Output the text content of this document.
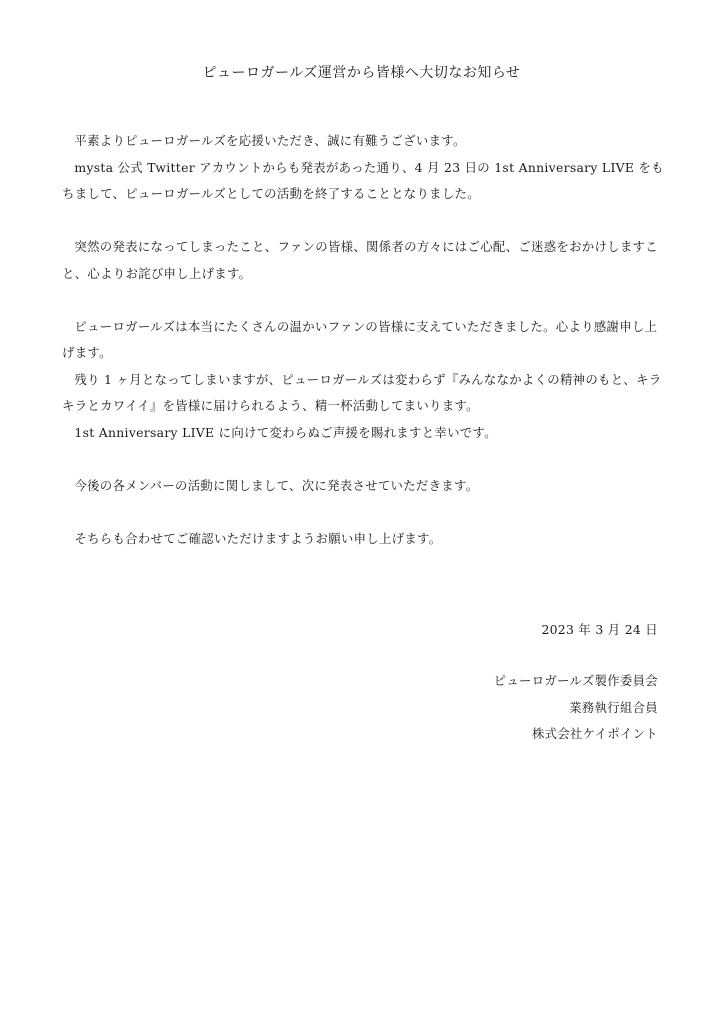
ピューロガールズ運営から皆様へ大切なお知らせ

平素よりピューロガールズを応援いただき、誠に有難うございます。

mysta 公式 Twitter アカウントからも発表があった通り、4 月 23 日の 1st Anniversary LIVE をもちまして、ピューロガールズとしての活動を終了することとなりました。

突然の発表になってしまったこと、ファンの皆様、関係者の方々にはご心配、ご迷惑をおかけしますこと、心よりお詫び申し上げます。

ピューロガールズは本当にたくさんの温かいファンの皆様に支えていただきました。心より感謝申し上げます。

残り 1 ヶ月となってしまいますが、ピューロガールズは変わらず『みんななかよくの精神のもと、キラキラとカワイイ』を皆様に届けられるよう、精一杯活動してまいります。

1st Anniversary LIVE に向けて変わらぬご声援を賜れますと幸いです。

今後の各メンバーの活動に関しまして、次に発表させていただきます。

そちらも合わせてご確認いただけますようお願い申し上げます。

2023 年 3 月 24 日
ピューロガールズ製作委員会
業務執行組合員
株式会社ケイポイント
